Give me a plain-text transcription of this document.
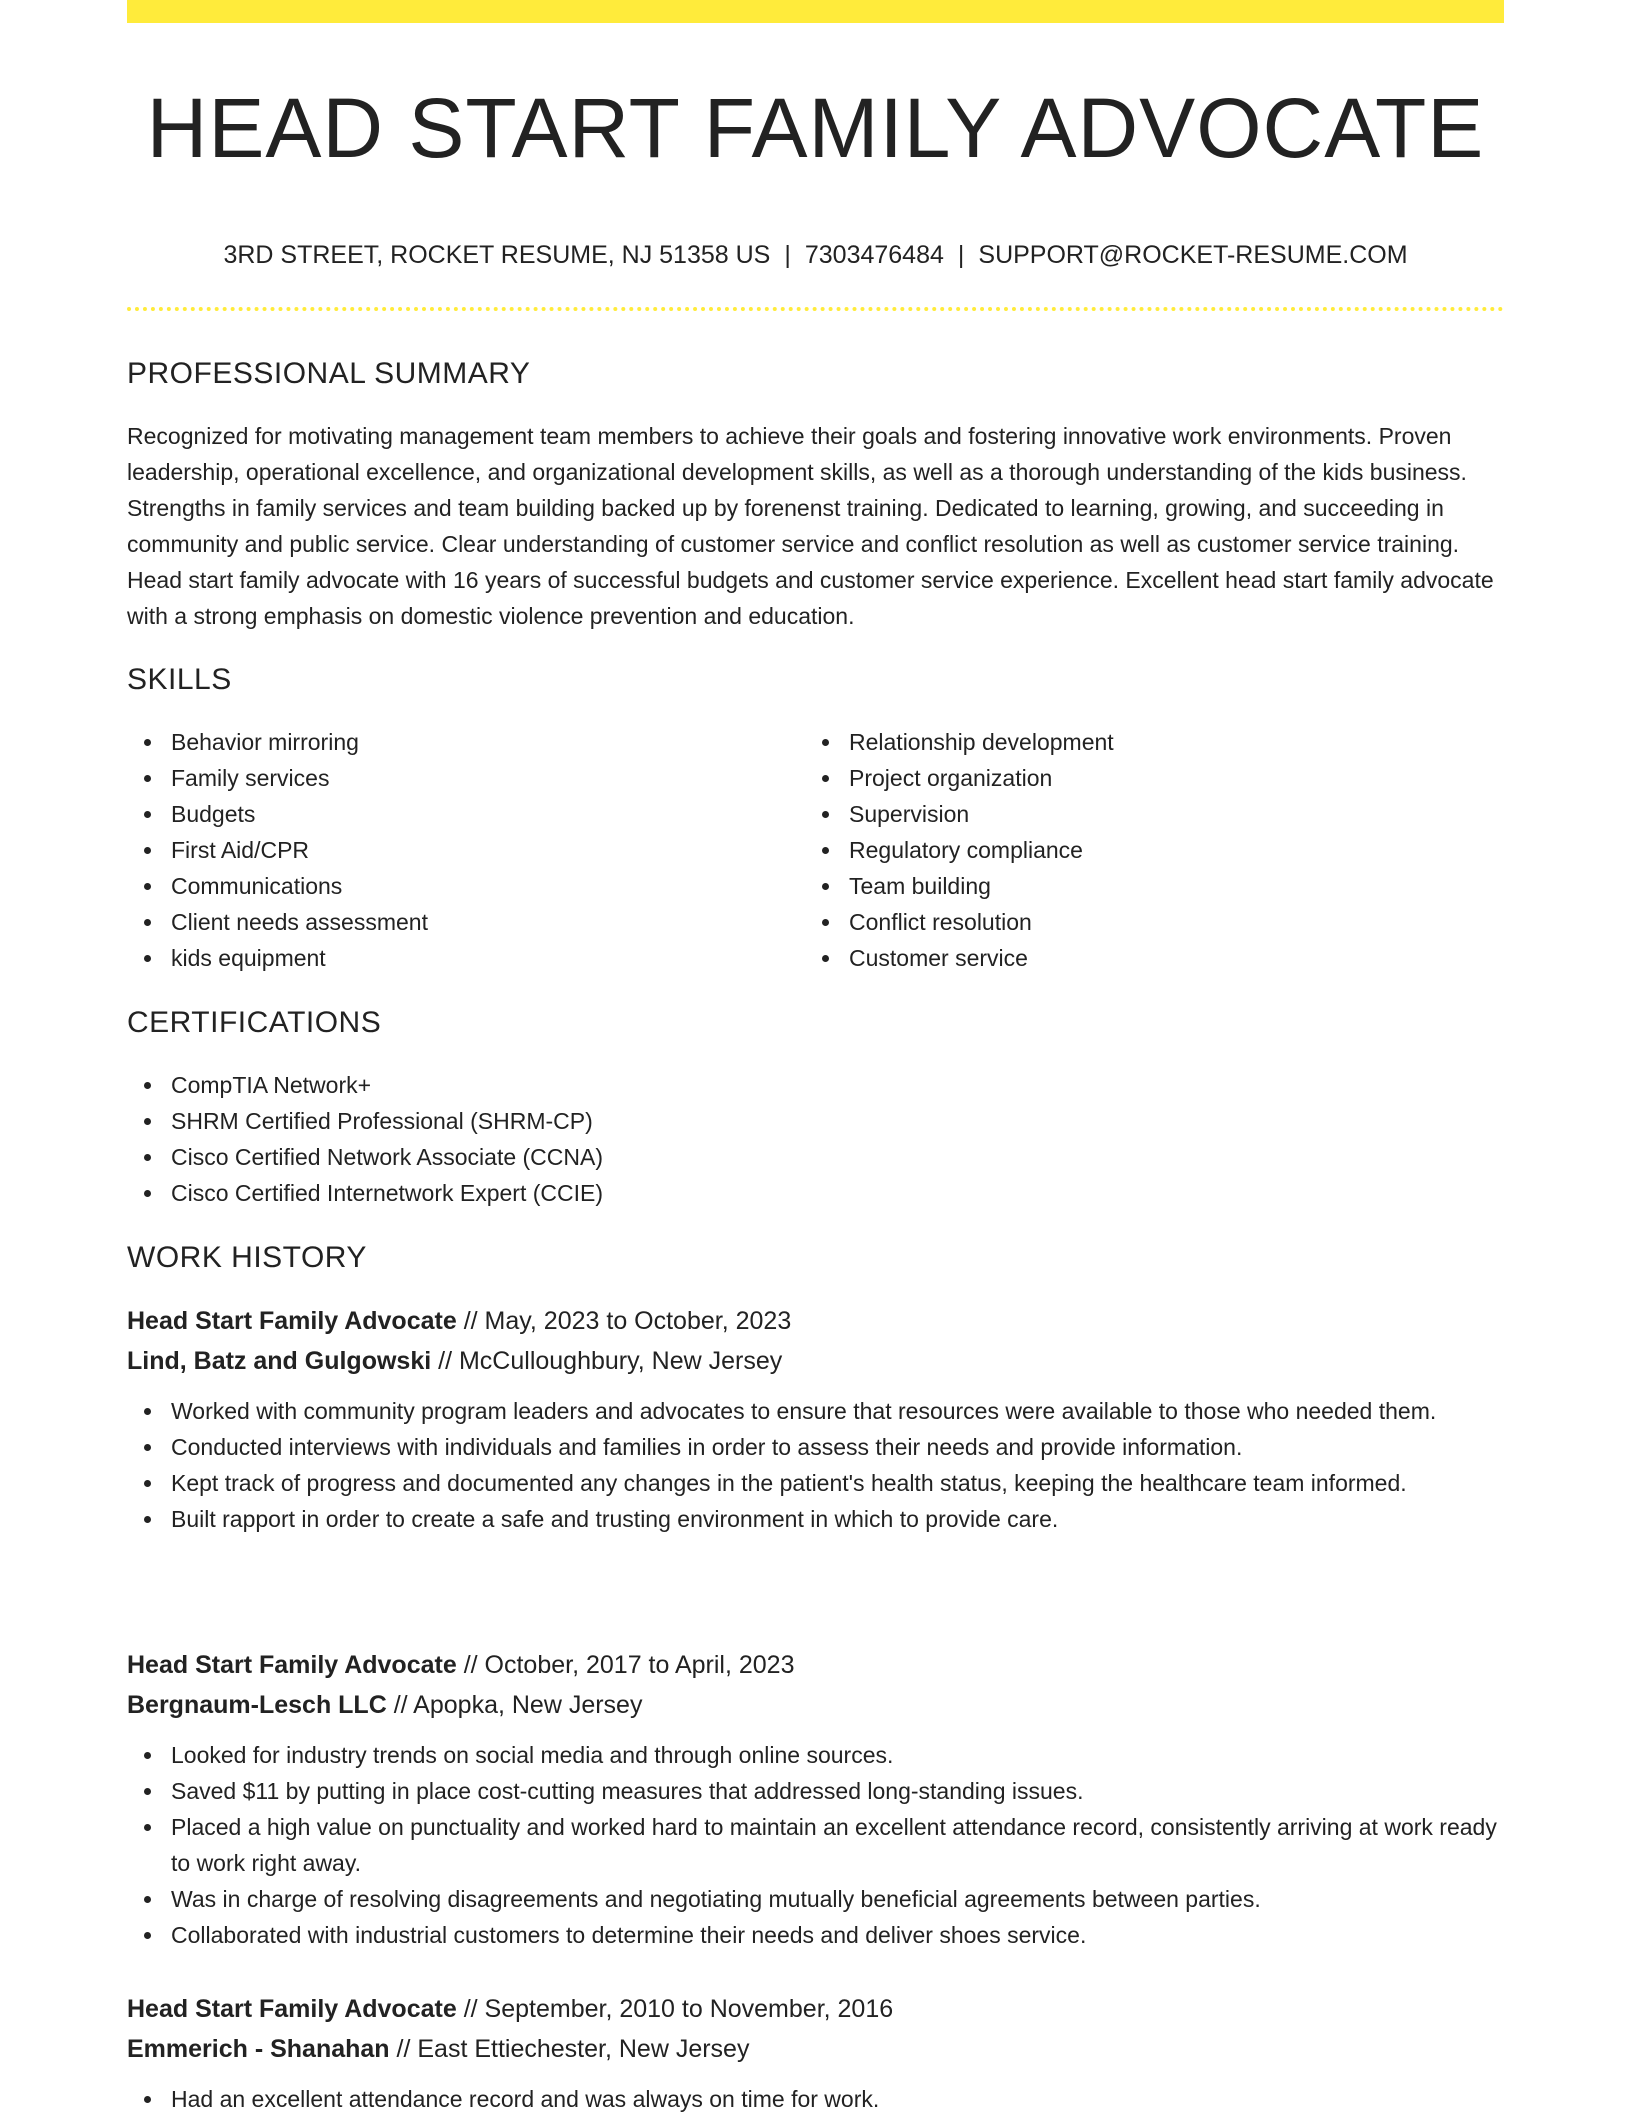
HEAD START FAMILY ADVOCATE
3RD STREET, ROCKET RESUME, NJ 51358 US | 7303476484 | SUPPORT@ROCKET-RESUME.COM
PROFESSIONAL SUMMARY

Recognized for motivating management team members to achieve their goals and fostering innovative work environments. Proven leadership, operational excellence, and organizational development skills, as well as a thorough understanding of the kids business. Strengths in family services and team building backed up by forenenst training. Dedicated to learning, growing, and succeeding in community and public service. Clear understanding of customer service and conflict resolution as well as customer service training. Head start family advocate with 16 years of successful budgets and customer service experience. Excellent head start family advocate with a strong emphasis on domestic violence prevention and education.

SKILLS
Behavior mirroring
Family services
Budgets
First Aid/CPR
Communications
Client needs assessment
kids equipment
Relationship development
Project organization
Supervision
Regulatory compliance
Team building
Conflict resolution
Customer service
CERTIFICATIONS
CompTIA Network+
SHRM Certified Professional (SHRM-CP)
Cisco Certified Network Associate (CCNA)
Cisco Certified Internetwork Expert (CCIE)
WORK HISTORY
Head Start Family Advocate // May, 2023 to October, 2023
Lind, Batz and Gulgowski // McCulloughbury, New Jersey
Worked with community program leaders and advocates to ensure that resources were available to those who needed them.
Conducted interviews with individuals and families in order to assess their needs and provide information.
Kept track of progress and documented any changes in the patient's health status, keeping the healthcare team informed.
Built rapport in order to create a safe and trusting environment in which to provide care.
Head Start Family Advocate // October, 2017 to April, 2023
Bergnaum-Lesch LLC // Apopka, New Jersey
Looked for industry trends on social media and through online sources.
Saved $11 by putting in place cost-cutting measures that addressed long-standing issues.
Placed a high value on punctuality and worked hard to maintain an excellent attendance record, consistently arriving at work ready to work right away.
Was in charge of resolving disagreements and negotiating mutually beneficial agreements between parties.
Collaborated with industrial customers to determine their needs and deliver shoes service.
Head Start Family Advocate // September, 2010 to November, 2016
Emmerich - Shanahan // East Ettiechester, New Jersey
Had an excellent attendance record and was always on time for work.
